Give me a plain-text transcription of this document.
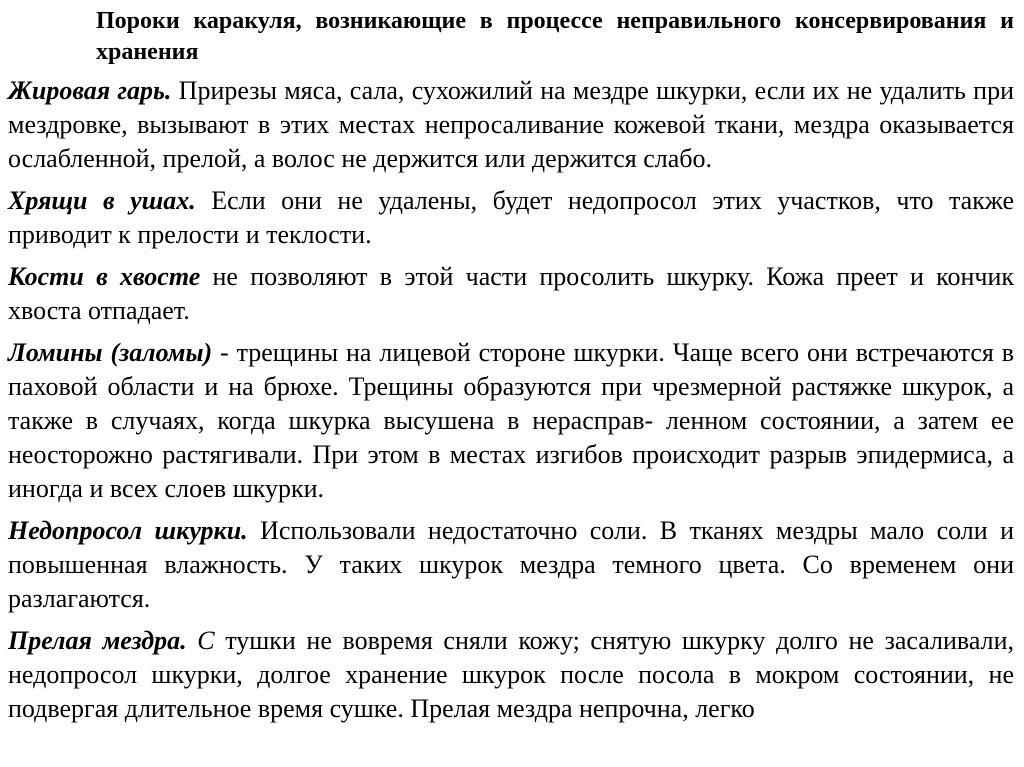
Пороки каракуля, возникающие в процессе неправильного консервирования и хранения

Жировая гарь. Прирезы мяса, сала, сухожилий на мездре шкурки, если их не удалить при мездровке, вызывают в этих местах непросаливание кожевой ткани, мездра оказывается ослабленной, прелой, а волос не держится или держится слабо.

Хрящи в ушах. Если они не удалены, будет недопросол этих участков, что также приводит к прелости и теклости.

Кости в хвосте не позволяют в этой части просолить шкурку. Кожа преет и кончик хвоста отпадает.

Ломины (заломы) - трещины на лицевой стороне шкурки. Чаще всего они встречаются в паховой области и на брюхе. Трещины образуются при чрезмерной растяжке шкурок, а также в случаях, когда шкурка высушена в нерасправ- ленном состоянии, а затем ее неосторожно растягивали. При этом в местах изгибов происходит разрыв эпидермиса, а иногда и всех слоев шкурки.

Недопросол шкурки. Использовали недостаточно соли. В тканях мездры мало соли и повышенная влажность. У таких шкурок мездра темного цвета. Со временем они разлагаются.

Прелая мездра. С тушки не вовремя сняли кожу; снятую шкурку долго не засаливали, недопросол шкурки, долгое хранение шкурок после посола в мокром состоянии, не подвергая длительное время сушке. Прелая мездра непрочна, легко
